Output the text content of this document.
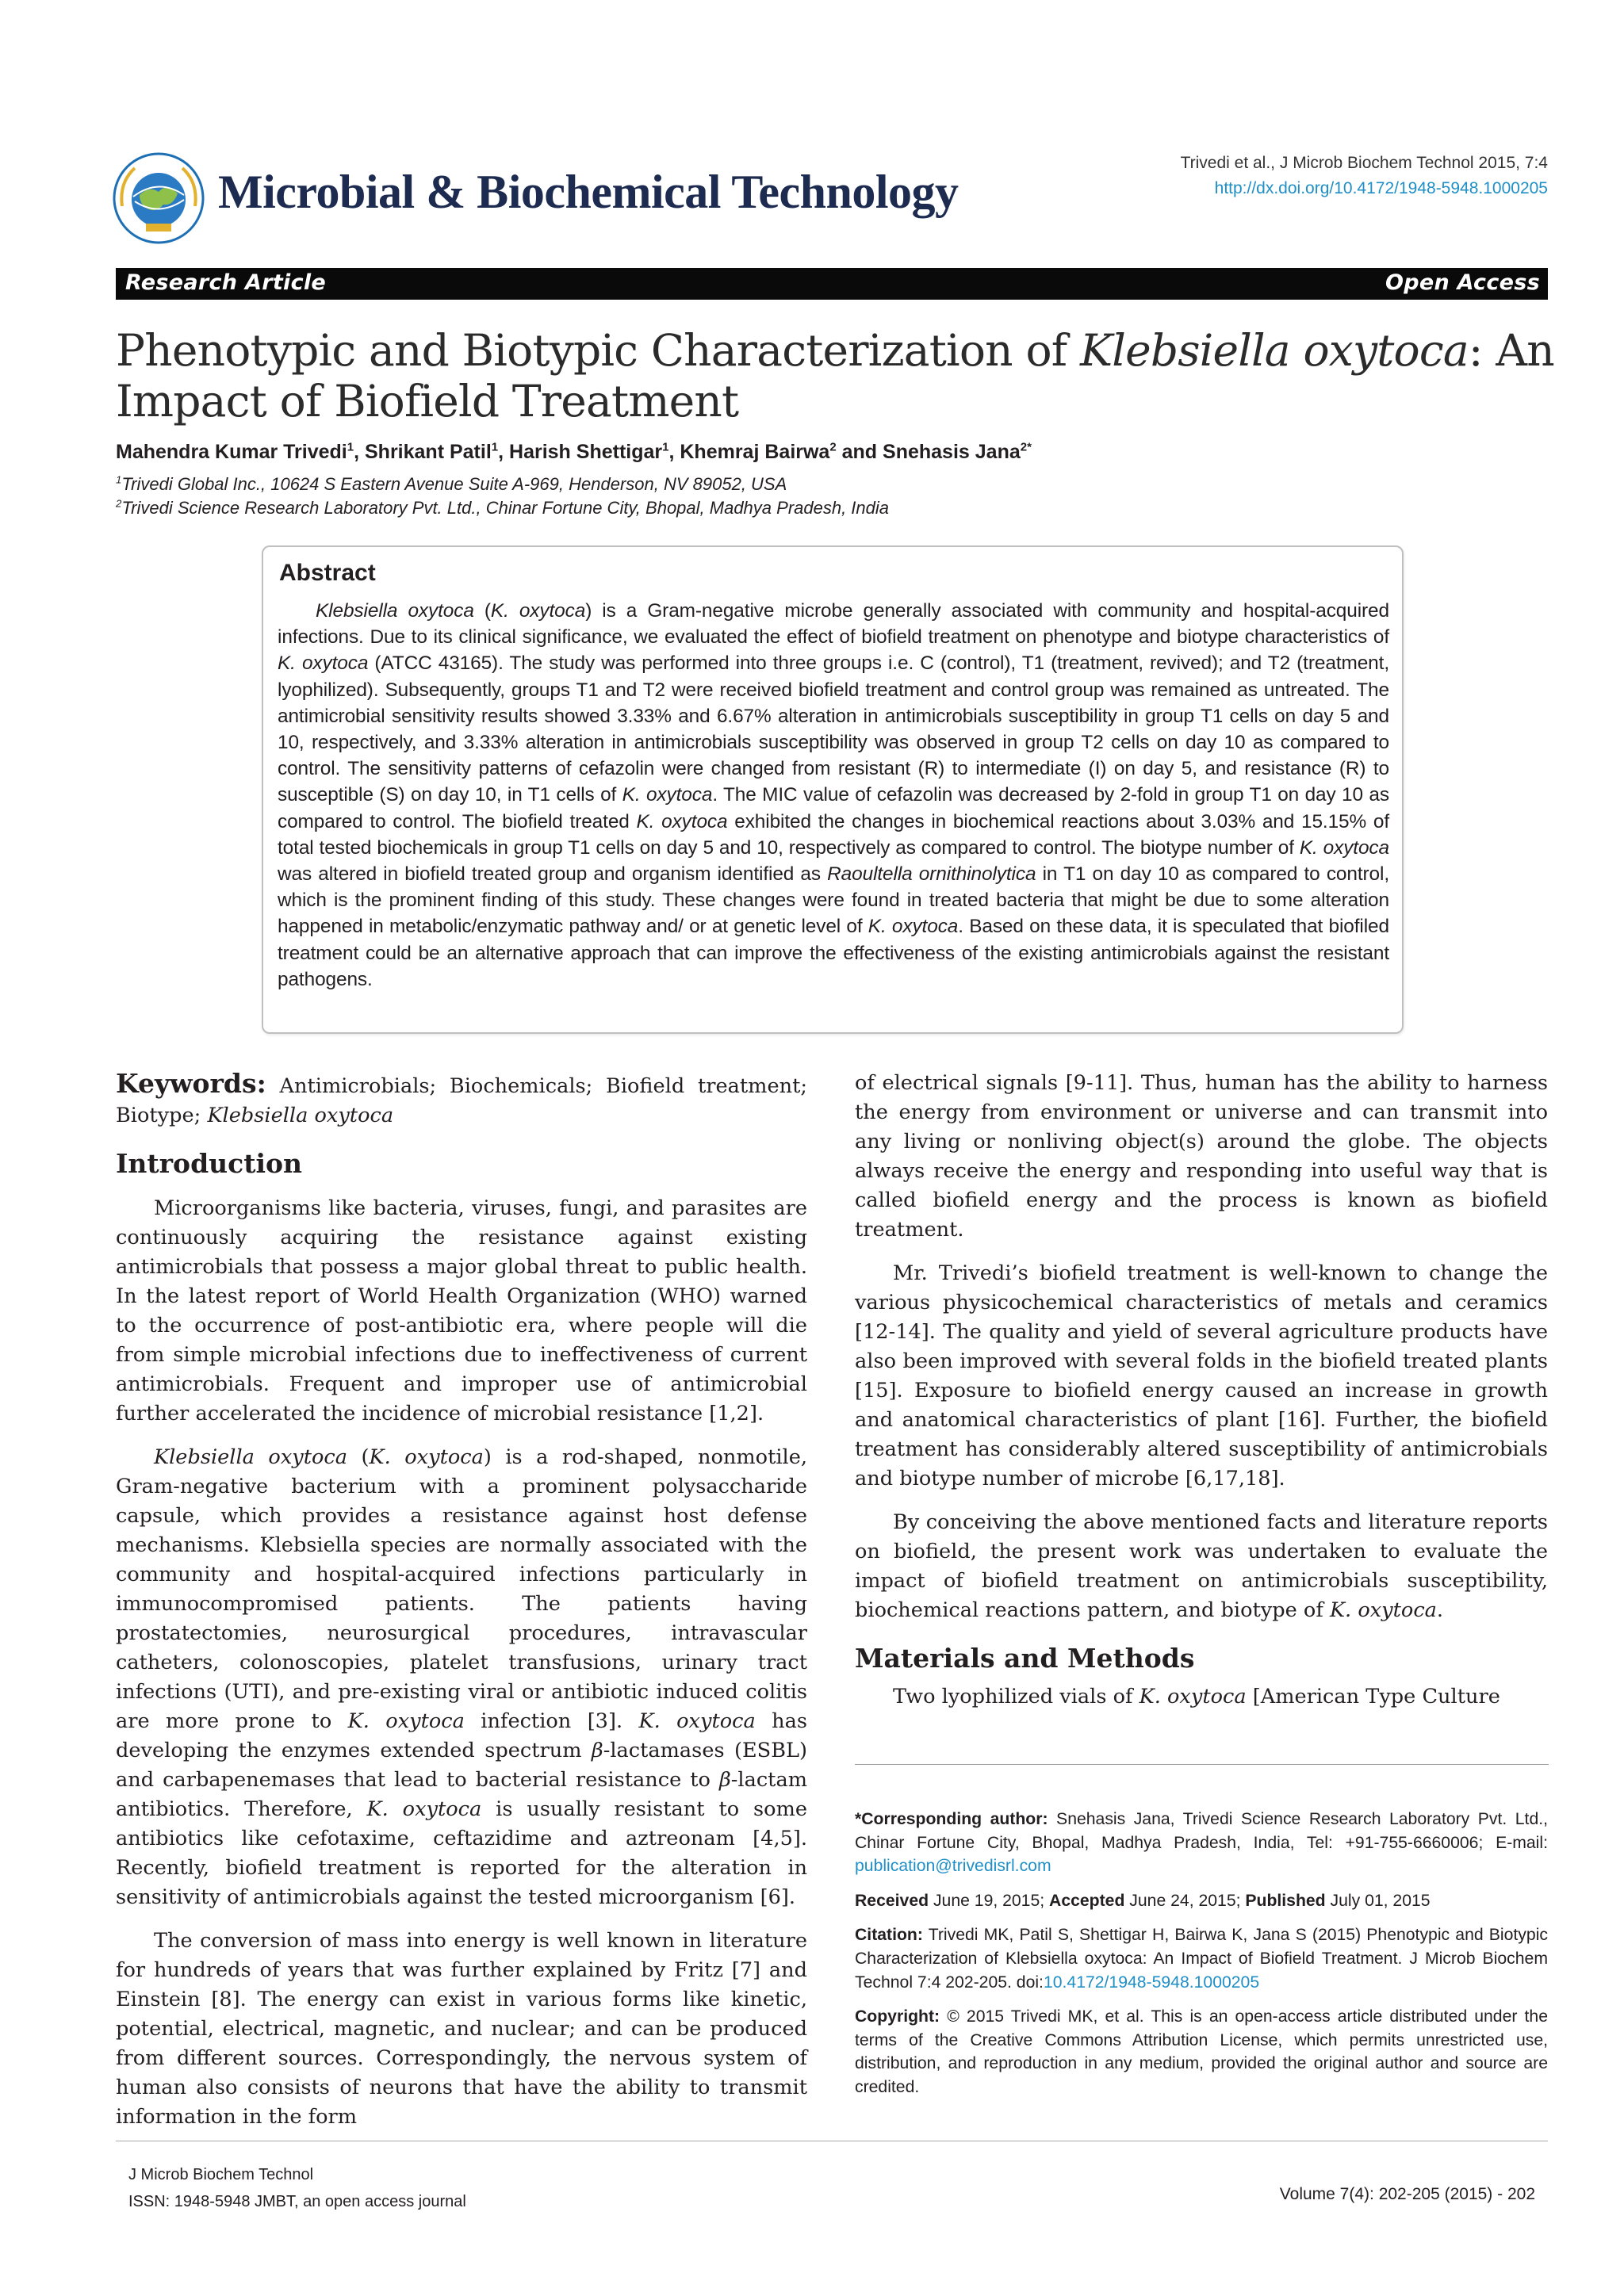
Microbial & Biochemical Technology
Trivedi et al., J Microb Biochem Technol 2015, 7:4
http://dx.doi.org/10.4172/1948-5948.1000205
Research Article	Open Access
Phenotypic and Biotypic Characterization of Klebsiella oxytoca: An Impact of Biofield Treatment
Mahendra Kumar Trivedi$^1$, Shrikant Patil$^1$, Harish Shettigar$^1$, Khemraj Bairwa$^2$ and Snehasis Jana$^{2*}$
$^1$Trivedi Global Inc., 10624 S Eastern Avenue Suite A-969, Henderson, NV 89052, USA
$^2$Trivedi Science Research Laboratory Pvt. Ltd., Chinar Fortune City, Bhopal, Madhya Pradesh, India
Abstract

Klebsiella oxytoca (K. oxytoca) is a Gram-negative microbe generally associated with community and hospital-acquired infections. Due to its clinical significance, we evaluated the effect of biofield treatment on phenotype and biotype characteristics of K. oxytoca (ATCC 43165). The study was performed into three groups i.e. C (control), T1 (treatment, revived); and T2 (treatment, lyophilized). Subsequently, groups T1 and T2 were received biofield treatment and control group was remained as untreated. The antimicrobial sensitivity results showed 3.33% and 6.67% alteration in antimicrobials susceptibility in group T1 cells on day 5 and 10, respectively, and 3.33% alteration in antimicrobials susceptibility was observed in group T2 cells on day 10 as compared to control. The sensitivity patterns of cefazolin were changed from resistant (R) to intermediate (I) on day 5, and resistance (R) to susceptible (S) on day 10, in T1 cells of K. oxytoca. The MIC value of cefazolin was decreased by 2-fold in group T1 on day 10 as compared to control. The biofield treated K. oxytoca exhibited the changes in biochemical reactions about 3.03% and 15.15% of total tested biochemicals in group T1 cells on day 5 and 10, respectively as compared to control. The biotype number of K. oxytoca was altered in biofield treated group and organism identified as Raoultella ornithinolytica in T1 on day 10 as compared to control, which is the prominent finding of this study. These changes were found in treated bacteria that might be due to some alteration happened in metabolic/enzymatic pathway and/ or at genetic level of K. oxytoca. Based on these data, it is speculated that biofiled treatment could be an alternative approach that can improve the effectiveness of the existing antimicrobials against the resistant pathogens.

Keywords: Antimicrobials; Biochemicals; Biofield treatment; Biotype; Klebsiella oxytoca

Introduction

Microorganisms like bacteria, viruses, fungi, and parasites are continuously acquiring the resistance against existing antimicrobials that possess a major global threat to public health. In the latest report of World Health Organization (WHO) warned to the occurrence of post-antibiotic era, where people will die from simple microbial infections due to ineffectiveness of current antimicrobials. Frequent and improper use of antimicrobial further accelerated the incidence of microbial resistance [1,2].

Klebsiella oxytoca (K. oxytoca) is a rod-shaped, nonmotile, Gram-negative bacterium with a prominent polysaccharide capsule, which provides a resistance against host defense mechanisms. Klebsiella species are normally associated with the community and hospital-acquired infections particularly in immunocompromised patients. The patients having prostatectomies, neurosurgical procedures, intravascular catheters, colonoscopies, platelet transfusions, urinary tract infections (UTI), and pre-existing viral or antibiotic induced colitis are more prone to K. oxytoca infection [3]. K. oxytoca has developing the enzymes extended spectrum β-lactamases (ESBL) and carbapenemases that lead to bacterial resistance to β-lactam antibiotics. Therefore, K. oxytoca is usually resistant to some antibiotics like cefotaxime, ceftazidime and aztreonam [4,5]. Recently, biofield treatment is reported for the alteration in sensitivity of antimicrobials against the tested microorganism [6].

The conversion of mass into energy is well known in literature for hundreds of years that was further explained by Fritz [7] and Einstein [8]. The energy can exist in various forms like kinetic, potential, electrical, magnetic, and nuclear; and can be produced from different sources. Correspondingly, the nervous system of human also consists of neurons that have the ability to transmit information in the form

of electrical signals [9-11]. Thus, human has the ability to harness the energy from environment or universe and can transmit into any living or nonliving object(s) around the globe. The objects always receive the energy and responding into useful way that is called biofield energy and the process is known as biofield treatment.

Mr. Trivedi’s biofield treatment is well-known to change the various physicochemical characteristics of metals and ceramics [12-14]. The quality and yield of several agriculture products have also been improved with several folds in the biofield treated plants [15]. Exposure to biofield energy caused an increase in growth and anatomical characteristics of plant [16]. Further, the biofield treatment has considerably altered susceptibility of antimicrobials and biotype number of microbe [6,17,18].

By conceiving the above mentioned facts and literature reports on biofield, the present work was undertaken to evaluate the impact of biofield treatment on antimicrobials susceptibility, biochemical reactions pattern, and biotype of K. oxytoca.

Materials and Methods

Two lyophilized vials of K. oxytoca [American Type Culture

*Corresponding author: Snehasis Jana, Trivedi Science Research Laboratory Pvt. Ltd., Chinar Fortune City, Bhopal, Madhya Pradesh, India, Tel: +91-755-6660006; E-mail: publication@trivedisrl.com

Received June 19, 2015; Accepted June 24, 2015; Published July 01, 2015

Citation: Trivedi MK, Patil S, Shettigar H, Bairwa K, Jana S (2015) Phenotypic and Biotypic Characterization of Klebsiella oxytoca: An Impact of Biofield Treatment. J Microb Biochem Technol 7:4 202-205. doi:10.4172/1948-5948.1000205

Copyright: © 2015 Trivedi MK, et al. This is an open-access article distributed under the terms of the Creative Commons Attribution License, which permits unrestricted use, distribution, and reproduction in any medium, provided the original author and source are credited.

J Microb Biochem Technol
ISSN: 1948-5948 JMBT, an open access journal	Volume 7(4): 202-205 (2015) - 202
